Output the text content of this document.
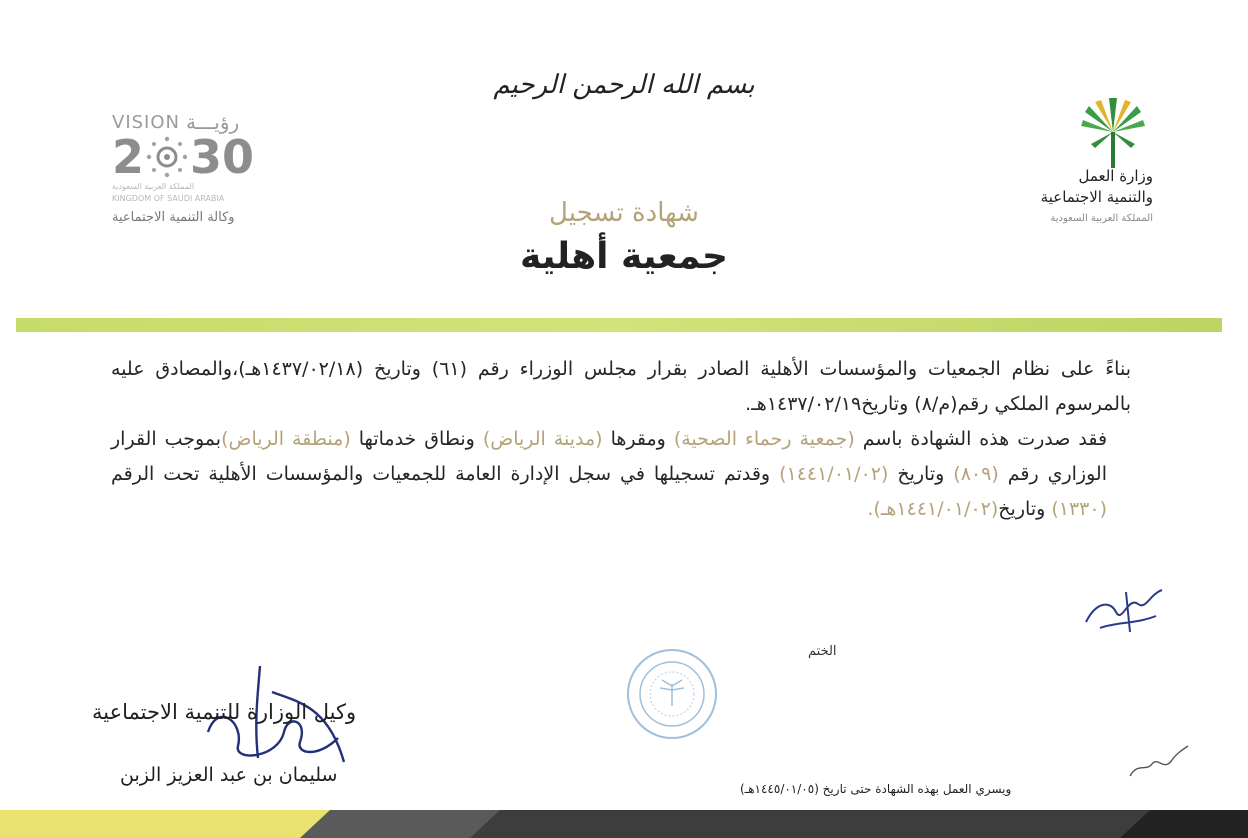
بسم الله الرحمن الرحيم
وزارة العمل
والتنمية الاجتماعية
المملكة العربية السعودية
VISION رؤيـــة
2 30
المملكة العربية السعودية
KINGDOM OF SAUDI ARABIA
وكالة التنمية الاجتماعية	شهادة تسجيل
جمعية أهلية

بناءً على نظام الجمعيات والمؤسسات الأهلية الصادر بقرار مجلس الوزراء رقم (٦١) وتاريخ (١٤٣٧/٠٢/١٨هـ)،والمصادق عليه بالمرسوم الملكي رقم(م/٨) وتاريخ١٤٣٧/٠٢/١٩هـ.

فقد صدرت هذه الشهادة باسم (جمعية رحماء الصحية) ومقرها (مدينة الرياض) ونطاق خدماتها (منطقة الرياض)بموجب القرار الوزاري رقم (٨٠٩) وتاريخ (١٤٤١/٠١/٠٢) وقدتم تسجيلها في سجل الإدارة العامة للجمعيات والمؤسسات الأهلية تحت الرقم (١٣٣٠) وتاريخ(١٤٤١/٠١/٠٢هـ).

الختم
وكيل الوزارة للتنمية الاجتماعية
سليمان بن عبد العزيز الزبن
ويسري العمل بهذه الشهادة حتى تاريخ (١٤٤٥/٠١/٠٥هـ)
